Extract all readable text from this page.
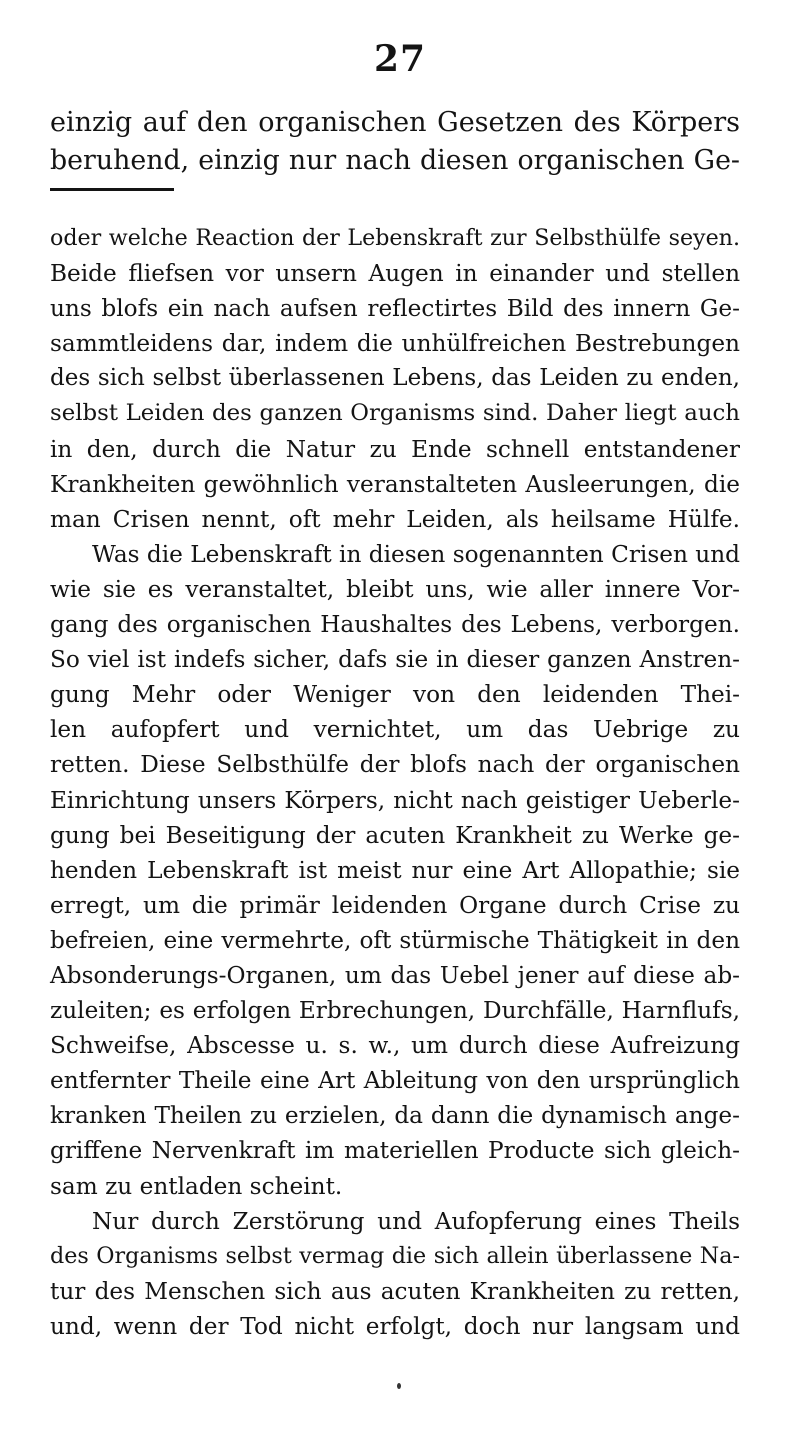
27
einzig auf den organischen Gesetzen des Körpers
beruhend, einzig nur nach diesen organischen Ge-
oder welche Reaction der Lebenskraft zur Selbsthülfe seyen.
Beide fliefsen vor unsern Augen in einander und stellen
uns blofs ein nach aufsen reflectirtes Bild des innern Ge-
sammtleidens dar, indem die unhülfreichen Bestrebungen
des sich selbst überlassenen Lebens, das Leiden zu enden,
selbst Leiden des ganzen Organisms sind. Daher liegt auch
in den, durch die Natur zu Ende schnell entstandener
Krankheiten gewöhnlich veranstalteten Ausleerungen, die
man Crisen nennt, oft mehr Leiden, als heilsame Hülfe.
Was die Lebenskraft in diesen sogenannten Crisen und
wie sie es veranstaltet, bleibt uns, wie aller innere Vor-
gang des organischen Haushaltes des Lebens, verborgen.
So viel ist indefs sicher, dafs sie in dieser ganzen Anstren-
gung Mehr oder Weniger von den leidenden Thei-
len aufopfert und vernichtet, um das Uebrige zu
retten. Diese Selbsthülfe der blofs nach der organischen
Einrichtung unsers Körpers, nicht nach geistiger Ueberle-
gung bei Beseitigung der acuten Krankheit zu Werke ge-
henden Lebenskraft ist meist nur eine Art Allopathie; sie
erregt, um die primär leidenden Organe durch Crise zu
befreien, eine vermehrte, oft stürmische Thätigkeit in den
Absonderungs-Organen, um das Uebel jener auf diese ab-
zuleiten; es erfolgen Erbrechungen, Durchfälle, Harnflufs,
Schweifse, Abscesse u. s. w., um durch diese Aufreizung
entfernter Theile eine Art Ableitung von den ursprünglich
kranken Theilen zu erzielen, da dann die dynamisch ange-
griffene Nervenkraft im materiellen Producte sich gleich-
sam zu entladen scheint.
Nur durch Zerstörung und Aufopferung eines Theils
des Organisms selbst vermag die sich allein überlassene Na-
tur des Menschen sich aus acuten Krankheiten zu retten,
und, wenn der Tod nicht erfolgt, doch nur langsam und
